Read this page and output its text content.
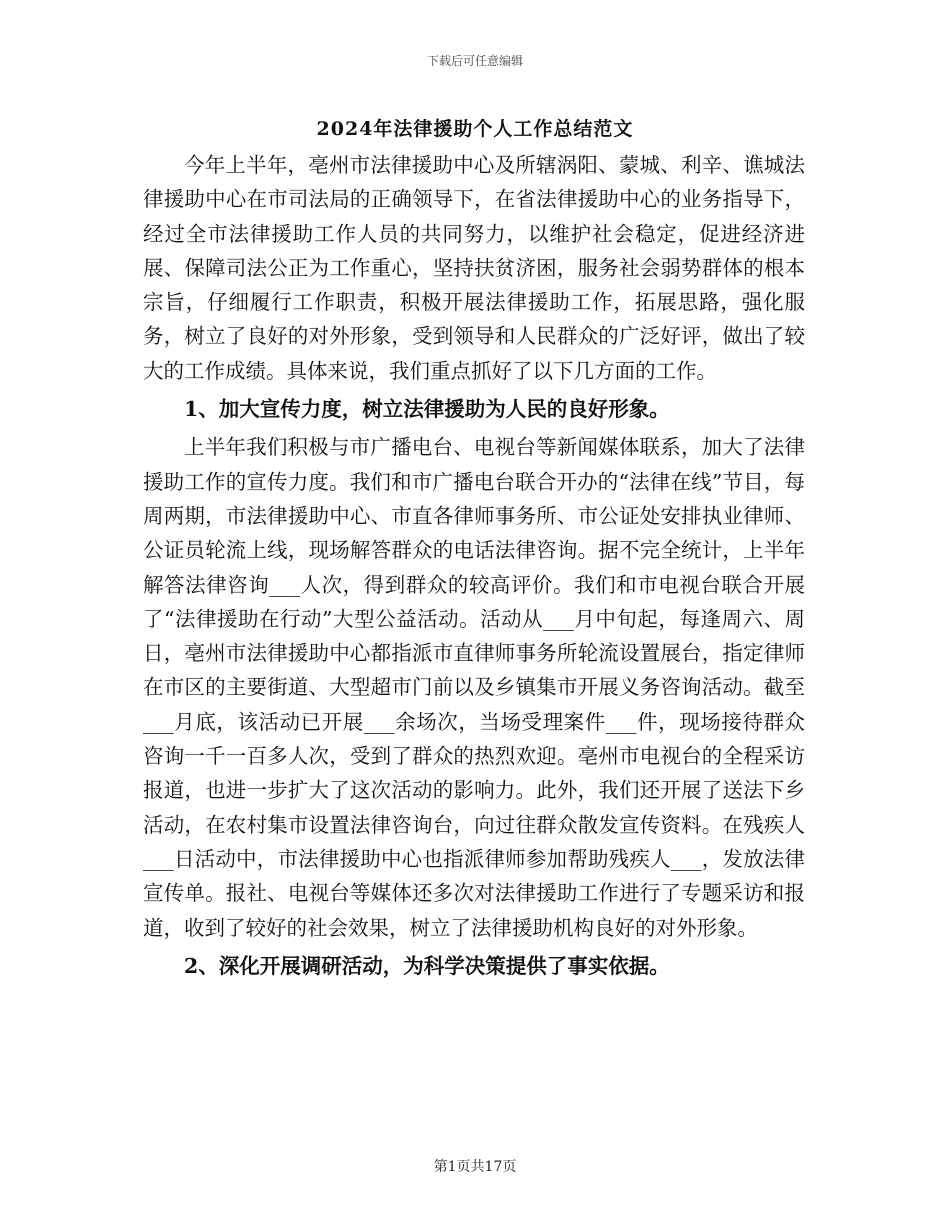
下载后可任意编辑
2024年法律援助个人工作总结范文

今年上半年，亳州市法律援助中心及所辖涡阳、蒙城、利辛、谯城法律援助中心在市司法局的正确领导下，在省法律援助中心的业务指导下，经过全市法律援助工作人员的共同努力，以维护社会稳定，促进经济进展、保障司法公正为工作重心，坚持扶贫济困，服务社会弱势群体的根本宗旨，仔细履行工作职责，积极开展法律援助工作，拓展思路，强化服务，树立了良好的对外形象，受到领导和人民群众的广泛好评，做出了较大的工作成绩。具体来说，我们重点抓好了以下几方面的工作。

1、加大宣传力度，树立法律援助为人民的良好形象。

上半年我们积极与市广播电台、电视台等新闻媒体联系，加大了法律援助工作的宣传力度。我们和市广播电台联合开办的“法律在线”节目，每周两期，市法律援助中心、市直各律师事务所、市公证处安排执业律师、公证员轮流上线，现场解答群众的电话法律咨询。据不完全统计，上半年解答法律咨询___人次，得到群众的较高评价。我们和市电视台联合开展了“法律援助在行动”大型公益活动。活动从___月中旬起，每逢周六、周日，亳州市法律援助中心都指派市直律师事务所轮流设置展台，指定律师在市区的主要街道、大型超市门前以及乡镇集市开展义务咨询活动。截至___月底，该活动已开展___余场次，当场受理案件___件，现场接待群众咨询一千一百多人次，受到了群众的热烈欢迎。亳州市电视台的全程采访报道，也进一步扩大了这次活动的影响力。此外，我们还开展了送法下乡活动，在农村集市设置法律咨询台，向过往群众散发宣传资料。在残疾人___日活动中，市法律援助中心也指派律师参加帮助残疾人___，发放法律宣传单。报社、电视台等媒体还多次对法律援助工作进行了专题采访和报道，收到了较好的社会效果，树立了法律援助机构良好的对外形象。

2、深化开展调研活动，为科学决策提供了事实依据。

第1页共17页
